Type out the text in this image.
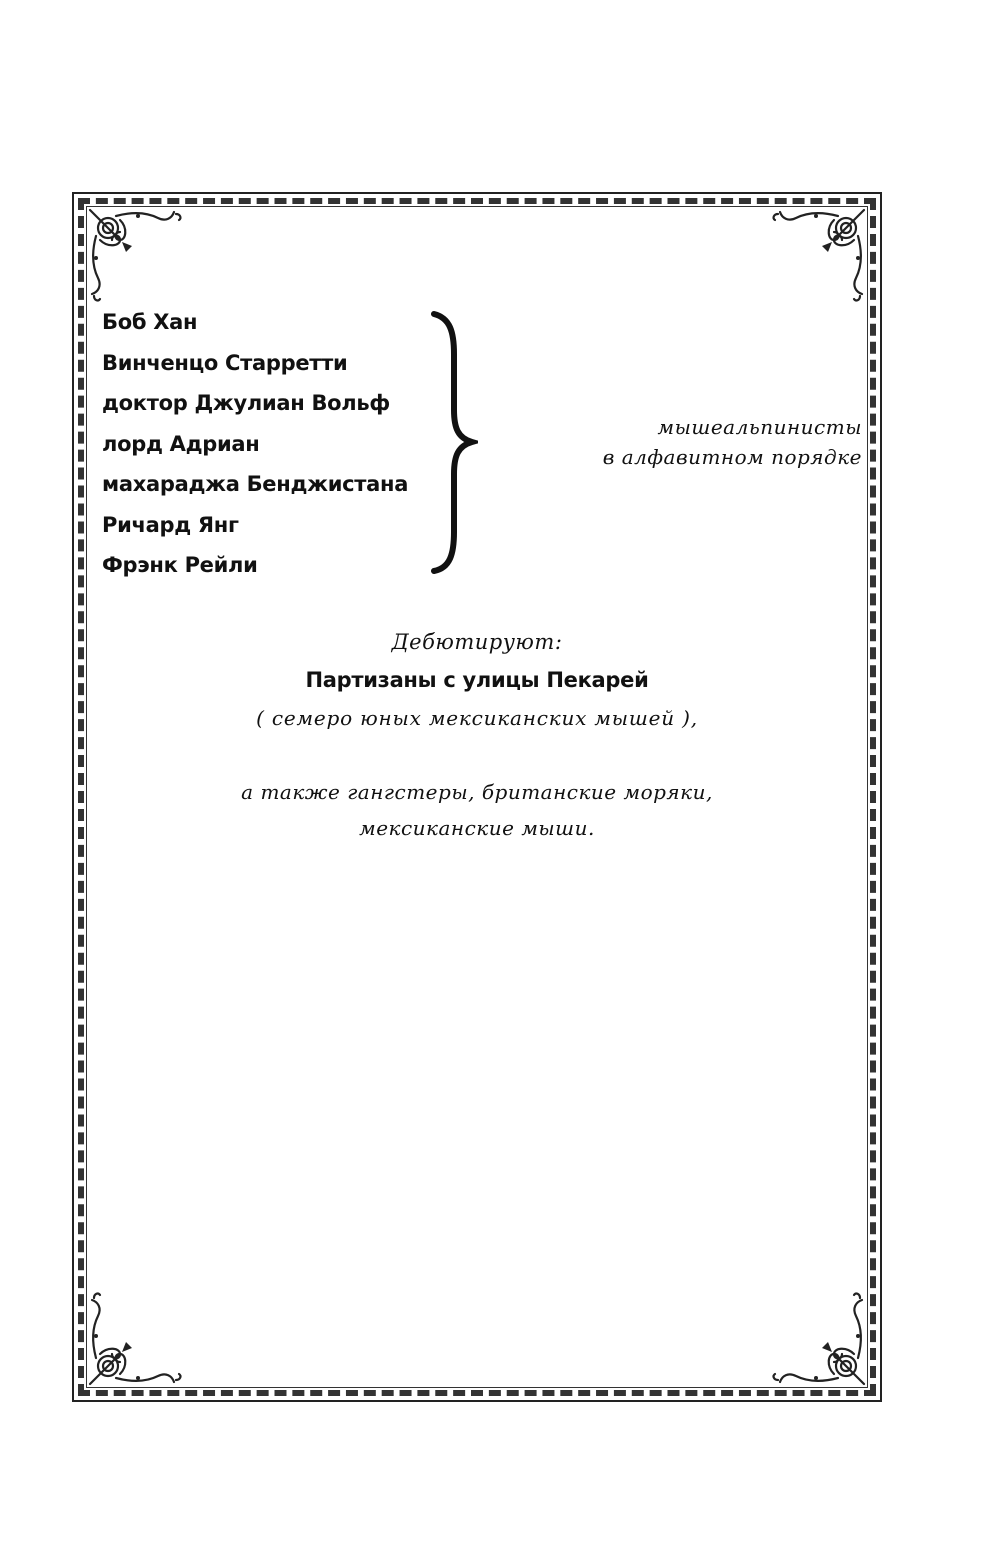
Боб Хан
Винченцо Старретти
доктор Джулиан Вольф
лорд Адриан
махараджа Бенджистана
Ричард Янг
Фрэнк Рейли
мышеальпинисты
в алфавитном порядке
Дебютируют:
Партизаны с улицы Пекарей
( семеро юных мексиканских мышей ),
а также гангстеры, британские моряки,
мексиканские мыши.
